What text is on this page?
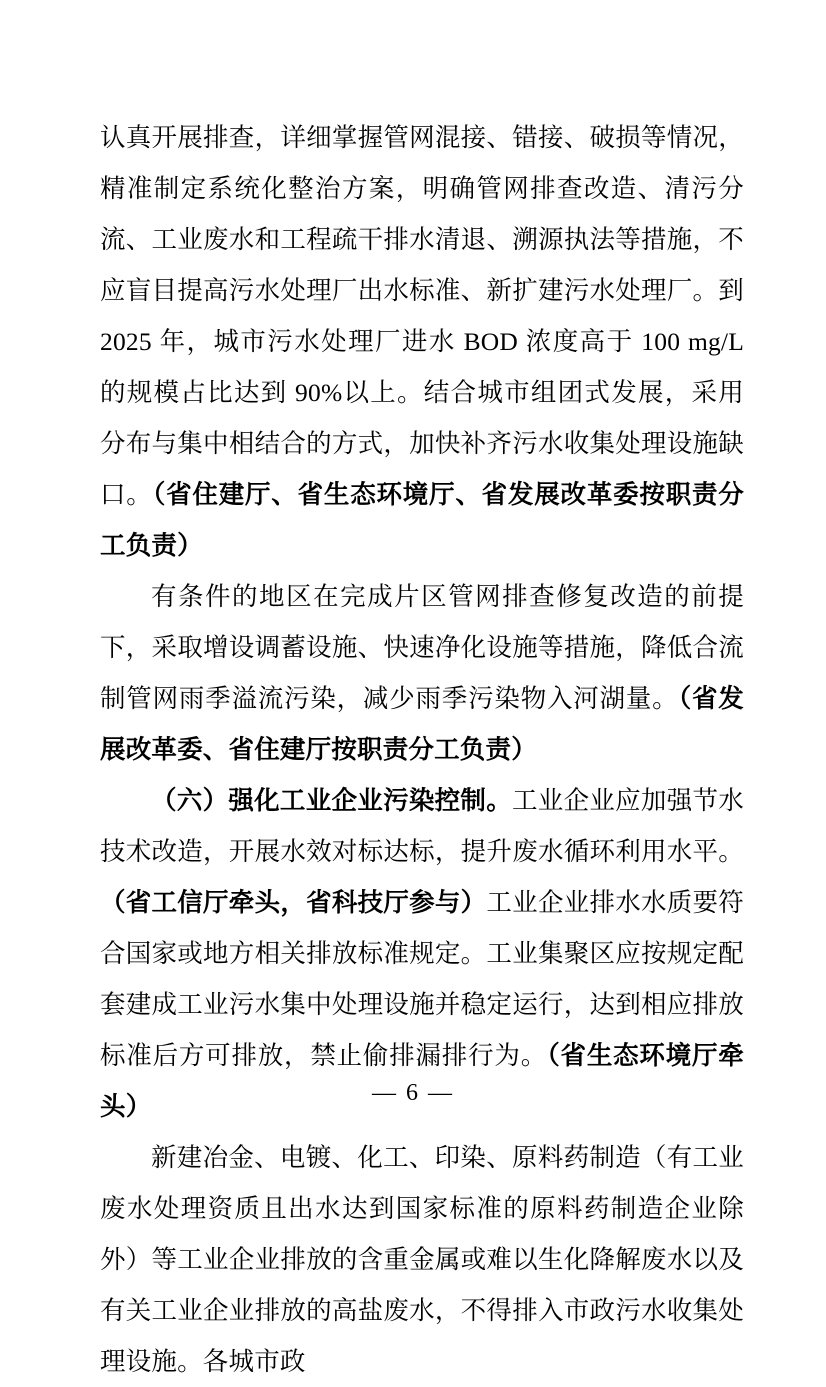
认真开展排查，详细掌握管网混接、错接、破损等情况，精准制定系统化整治方案，明确管网排查改造、清污分流、工业废水和工程疏干排水清退、溯源执法等措施，不应盲目提高污水处理厂出水标准、新扩建污水处理厂。到 2025 年，城市污水处理厂进水 BOD 浓度高于 100 mg/L 的规模占比达到 90%以上。结合城市组团式发展，采用分布与集中相结合的方式，加快补齐污水收集处理设施缺口。（省住建厅、省生态环境厅、省发展改革委按职责分工负责）

有条件的地区在完成片区管网排查修复改造的前提下，采取增设调蓄设施、快速净化设施等措施，降低合流制管网雨季溢流污染，减少雨季污染物入河湖量。（省发展改革委、省住建厅按职责分工负责）

（六）强化工业企业污染控制。工业企业应加强节水技术改造，开展水效对标达标，提升废水循环利用水平。（省工信厅牵头，省科技厅参与）工业企业排水水质要符合国家或地方相关排放标准规定。工业集聚区应按规定配套建成工业污水集中处理设施并稳定运行，达到相应排放标准后方可排放，禁止偷排漏排行为。（省生态环境厅牵头）

新建冶金、电镀、化工、印染、原料药制造（有工业废水处理资质且出水达到国家标准的原料药制造企业除外）等工业企业排放的含重金属或难以生化降解废水以及有关工业企业排放的高盐废水，不得排入市政污水收集处理设施。各城市政

— 6 —
